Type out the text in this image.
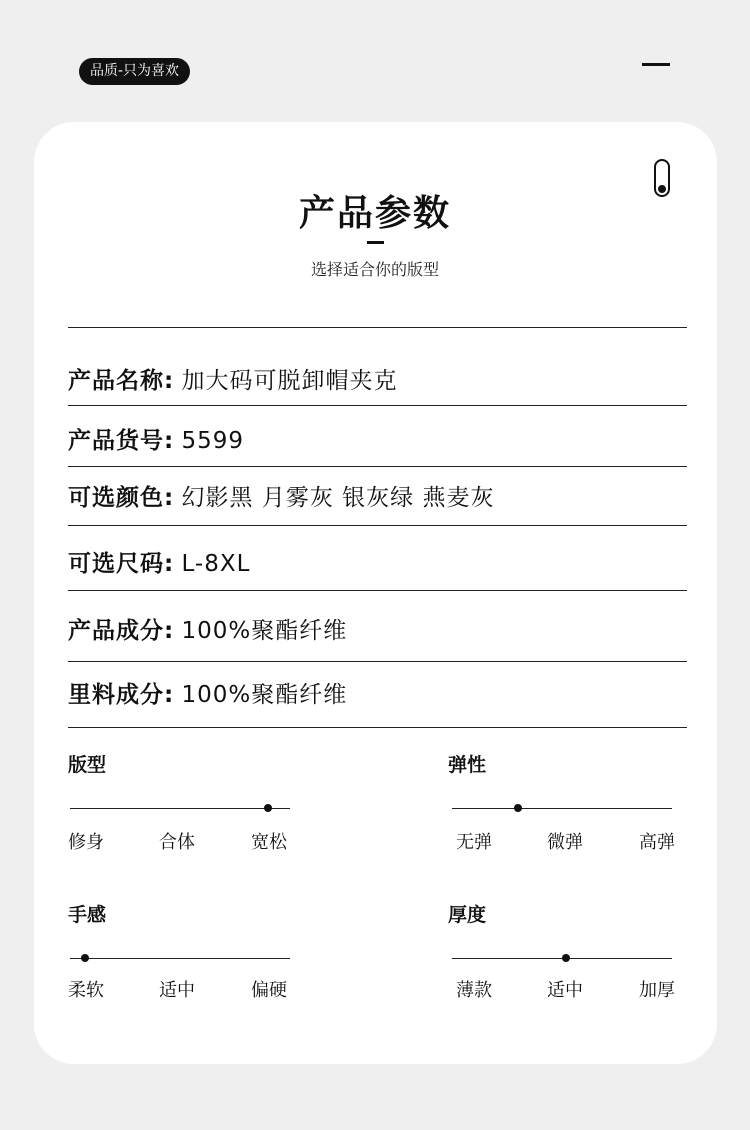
品质-只为喜欢
产品参数
选择适合你的版型
产品名称: 加大码可脱卸帽夹克
产品货号: 5599
可选颜色: 幻影黑 月雾灰 银灰绿 燕麦灰
可选尺码: L-8XL
产品成分: 100%聚酯纤维
里料成分: 100%聚酯纤维
版型
修身	合体	宽松
弹性
无弹	微弹	高弹
手感
柔软	适中	偏硬
厚度
薄款	适中	加厚
